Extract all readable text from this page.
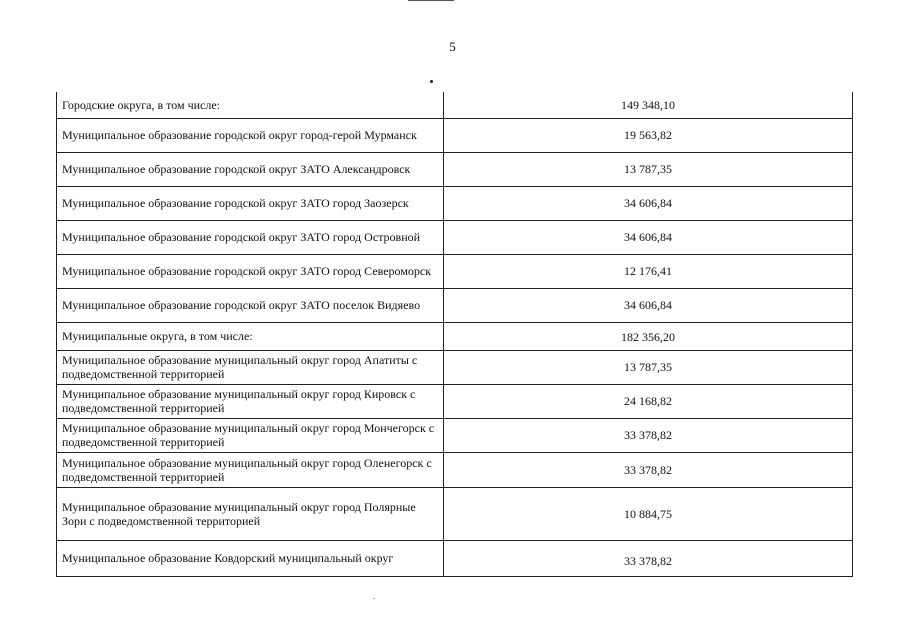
5
Городские округа, в том числе:	149 348,10
Муниципальное образование городской округ город-герой Мурманск	19 563,82
Муниципальное образование городской округ ЗАТО Александровск	13 787,35
Муниципальное образование городской округ ЗАТО город Заозерск	34 606,84
Муниципальное образование городской округ ЗАТО город Островной	34 606,84
Муниципальное образование городской округ ЗАТО город Североморск	12 176,41
Муниципальное образование городской округ ЗАТО поселок Видяево	34 606,84
Муниципальные округа, в том числе:	182 356,20
Муниципальное образование муниципальный округ город Апатиты с подведомственной территорией	13 787,35
Муниципальное образование муниципальный округ город Кировск с подведомственной территорией	24 168,82
Муниципальное образование муниципальный округ город Мончегорск с подведомственной территорией	33 378,82
Муниципальное образование муниципальный округ город Оленегорск с подведомственной территорией	33 378,82
Муниципальное образование муниципальный округ город Полярные Зори с подведомственной территорией	10 884,75
Муниципальное образование Ковдорский муниципальный округ	33 378,82
